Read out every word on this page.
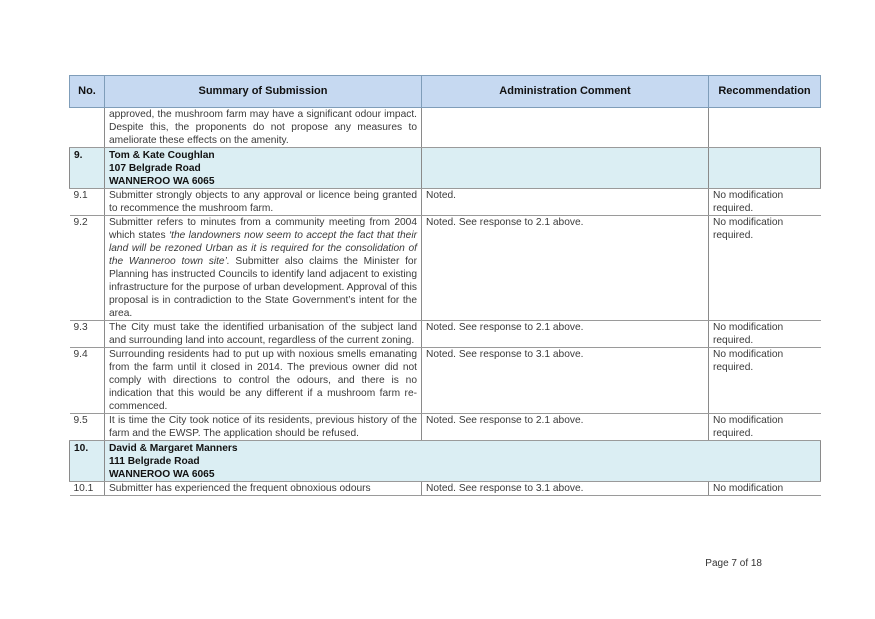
No.	Summary of Submission	Administration Comment	Recommendation
	approved, the mushroom farm may have a significant odour impact. Despite this, the proponents do not propose any measures to ameliorate these effects on the amenity.		
9.	Tom & Kate Coughlan
107 Belgrade Road
WANNEROO WA 6065		

9.1	Submitter strongly objects to any approval or licence being granted to recommence the mushroom farm.	Noted.	No modification required.
9.2	Submitter refers to minutes from a community meeting from 2004 which states ‘the landowners now seem to accept the fact that their land will be rezoned Urban as it is required for the consolidation of the Wanneroo town site’. Submitter also claims the Minister for Planning has instructed Councils to identify land adjacent to existing infrastructure for the purpose of urban development. Approval of this proposal is in contradiction to the State Government’s intent for the area.	Noted. See response to 2.1 above.	No modification required.
9.3	The City must take the identified urbanisation of the subject land and surrounding land into account, regardless of the current zoning.	Noted. See response to 2.1 above.	No modification required.
9.4	Surrounding residents had to put up with noxious smells emanating from the farm until it closed in 2014. The previous owner did not comply with directions to control the odours, and there is no indication that this would be any different if a mushroom farm re-commenced.	Noted. See response to 3.1 above.	No modification required.
9.5	It is time the City took notice of its residents, previous history of the farm and the EWSP. The application should be refused.	Noted. See response to 2.1 above.	No modification required.
10.	David & Margaret Manners
111 Belgrade Road
WANNEROO WA 6065		

10.1	Submitter has experienced the frequent obnoxious odours	Noted. See response to 3.1 above.	No modification
Page 7 of 18
